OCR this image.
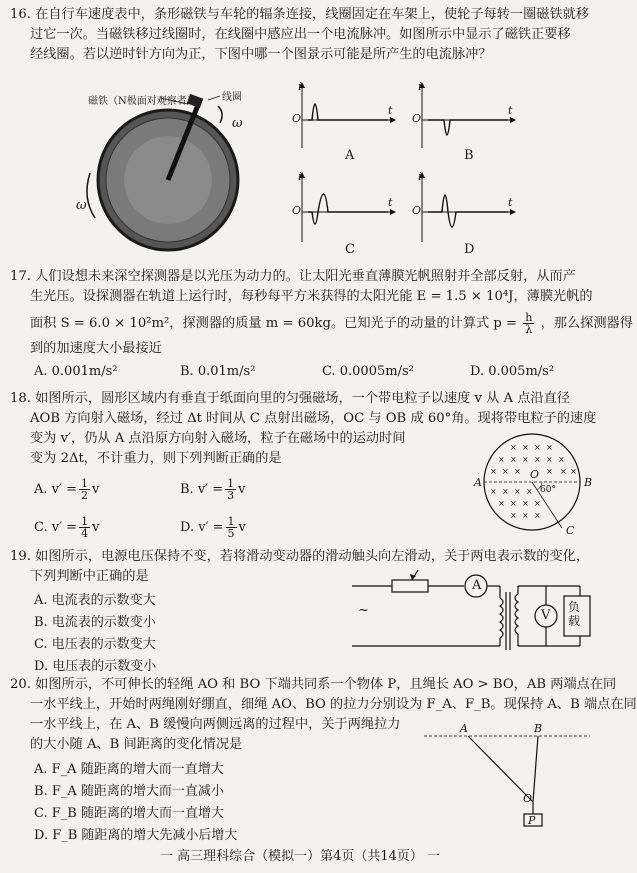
16. 在自行车速度表中，条形磁铁与车轮的辐条连接，线圈固定在车架上，使轮子每转一圈磁铁就移
过它一次。当磁铁移过线圈时，在线圈中感应出一个电流脉冲。如图所示中显示了磁铁正要移
经线圈。若以逆时针方向为正，下图中哪一个图景示可能是所产生的电流脉冲？
磁铁（N极面对观察者）	线圈
ω
ω
i
O
t
A
i
O
t
B
i
O
t
C
i
O
t
D
17. 人们设想未来深空探测器是以光压为动力的。让太阳光垂直薄膜光帆照射并全部反射，从而产
生光压。设探测器在轨道上运行时，每秒每平方米获得的太阳光能 E = 1.5 × 10⁴J，薄膜光帆的
面积 S = 6.0 × 10²m²，探测器的质量 m = 60kg。已知光子的动量的计算式 $p = \frac{h}{\lambda}$ ，那么探测器得
到的加速度大小最接近
A. 0.001m/s²	B. 0.01m/s²	C. 0.0005m/s²	D. 0.005m/s²
18. 如图所示，圆形区域内有垂直于纸面向里的匀强磁场，一个带电粒子以速度 v 从 A 点沿直径
AOB 方向射入磁场，经过 Δt 时间从 C 点射出磁场，OC 与 OB 成 60°角。现将带电粒子的速度
变为 v′，仍从 A 点沿原方向射入磁场，粒子在磁场中的运动时间
变为 2Δt，不计重力，则下列判断正确的是
A. $v' = \frac{1}{2}$ v	B. $v' = \frac{1}{3}$ v
C. $v' = \frac{1}{4}$ v	D. $v' = \frac{1}{5}$ v
× × × ×
× × × × × ×
× × ×	× × ×
× × × ×
× × × ×
× × ×
A	B
O
60°
C
19. 如图所示，电源电压保持不变，若将滑动变动器的滑动触头向左滑动，关于两电表示数的变化，
下列判断中正确的是
A. 电流表的示数变大
B. 电流表的示数变小
C. 电压表的示数变大
D. 电压表的示数变小
A
V
负载
~
20. 如图所示，不可伸长的轻绳 AO 和 BO 下端共同系一个物体 P，且绳长 AO > BO，AB 两端点在同
一水平线上，开始时两绳刚好绷直，细绳 AO、BO 的拉力分别设为 F_A、F_B。现保持 A、B 端点在同
一水平线上，在 A、B 缓慢向两侧远离的过程中，关于两绳拉力
的大小随 A、B 间距离的变化情况是
A. F_A 随距离的增大而一直增大
B. F_A 随距离的增大而一直减小
C. F_B 随距离的增大而一直增大
D. F_B 随距离的增大先减小后增大
A	B
O
P
一 高三理科综合（模拟一）第4页（共14页） 一
